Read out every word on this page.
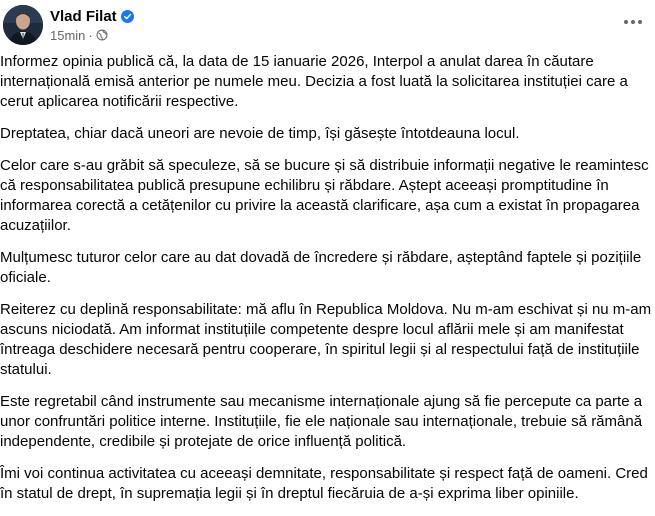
Vlad Filat
15min ·

Informez opinia publică că, la data de 15 ianuarie 2026, Interpol a anulat darea în căutare internațională emisă anterior pe numele meu. Decizia a fost luată la solicitarea instituției care a cerut aplicarea notificării respective.

Dreptatea, chiar dacă uneori are nevoie de timp, își găsește întotdeauna locul.

Celor care s-au grăbit să speculeze, să se bucure și să distribuie informații negative le reamintesc că responsabilitatea publică presupune echilibru și răbdare. Aștept aceeași promptitudine în informarea corectă a cetățenilor cu privire la această clarificare, așa cum a existat în propagarea acuzațiilor.

Mulțumesc tuturor celor care au dat dovadă de încredere și răbdare, așteptând faptele și pozițiile oficiale.

Reiterez cu deplină responsabilitate: mă aflu în Republica Moldova. Nu m-am eschivat și nu m-am ascuns niciodată. Am informat instituțiile competente despre locul aflării mele și am manifestat întreaga deschidere necesară pentru cooperare, în spiritul legii și al respectului față de instituțiile statului.

Este regretabil când instrumente sau mecanisme internaționale ajung să fie percepute ca parte a unor confruntări politice interne. Instituțiile, fie ele naționale sau internaționale, trebuie să rămână independente, credibile și protejate de orice influență politică.

Îmi voi continua activitatea cu aceeași demnitate, responsabilitate și respect față de oameni. Cred în statul de drept, în supremația legii și în dreptul fiecăruia de a-și exprima liber opiniile.
